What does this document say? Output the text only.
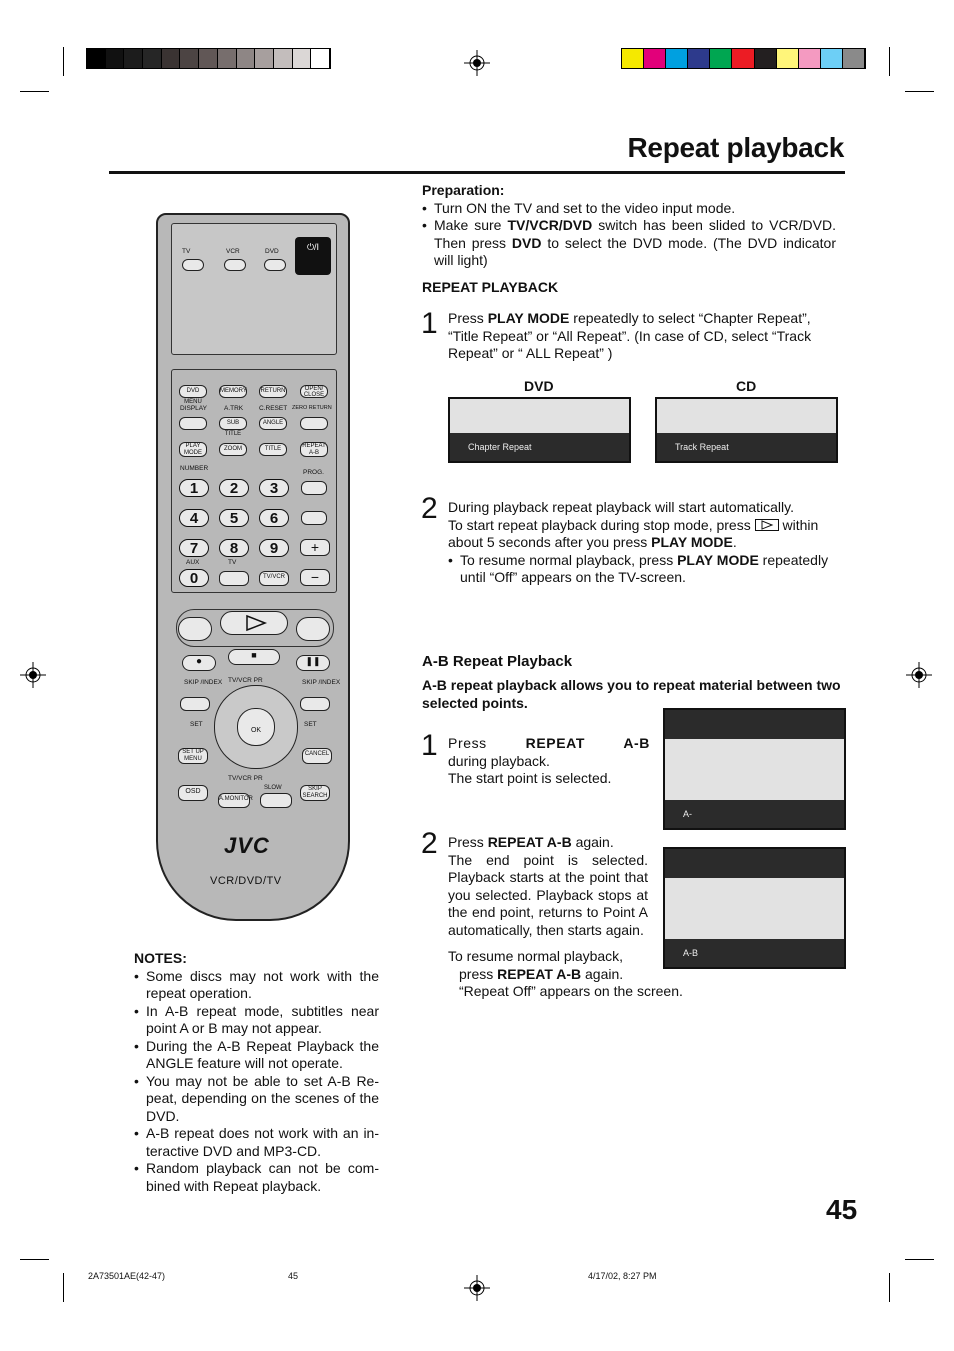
Repeat playback
TV	VCR	DVD	⏻/I
DVD MENU
MEMORY RETURN	OPEN/ CLOSE
DISPLAY	A.TRK C.RESET ZERO RETURN
SUB TITLE
ANGLE
PLAY MODE
ZOOM	TITLE	REPEAT A-B
NUMBER
PROG.
1	2	3
4	5	6
7	8	9
AUX	TV
0	TV/VCR
+
−
●
■
❚❚
SKIP /INDEX	SKIP /INDEX
TV/VCR PR
OK
SET	SET
SET UP MENU
CANCEL
TV/VCR PR
SLOW
OSD
A.MONITOR
SKIP SEARCH
JVC
VCR/DVD/TV
Preparation:
• Turn ON the TV and set to the video input mode.
• Make sure TV/VCR/DVD switch has been slided to VCR/DVD. Then press DVD to select the DVD mode. (The DVD indicator will light)
REPEAT PLAYBACK
1 Press PLAY MODE repeatedly to select “Chapter Repeat”, “Title Repeat” or “All Repeat”. (In case of CD, select “Track Repeat” or “ ALL Repeat” )
DVD	CD
Chapter Repeat	Track Repeat
2 During playback repeat playback will start automatically.
To start repeat playback during stop mode, press  within about 5 seconds after you press PLAY MODE.
• To resume normal playback, press PLAY MODE repeatedly until “Off” appears on the TV-screen.
A-B Repeat Playback
A-B repeat playback allows you to repeat material between two selected points.
1 Press REPEAT A-B
during playback.
The start point is selected.
A-
2 Press REPEAT A-B again.
The end point is selected. Playback starts at the point that you selected. Playback stops at the end point, returns to Point A automatically, then starts again.
A-B
To resume normal playback,
press REPEAT A-B again.
“Repeat Off” appears on the screen.
NOTES:
• Some discs may not work with the repeat operation.
• In A-B repeat mode, subtitles near point A or B may not appear.
• During the A-B Repeat Playback the ANGLE feature will not operate.
• You may not be able to set A-B Re-peat, depending on the scenes of the DVD.
• A-B repeat does not work with an in-teractive DVD and MP3-CD.
• Random playback can not be com-bined with Repeat playback.
45
2A73501AE(42-47)	45	4/17/02, 8:27 PM
